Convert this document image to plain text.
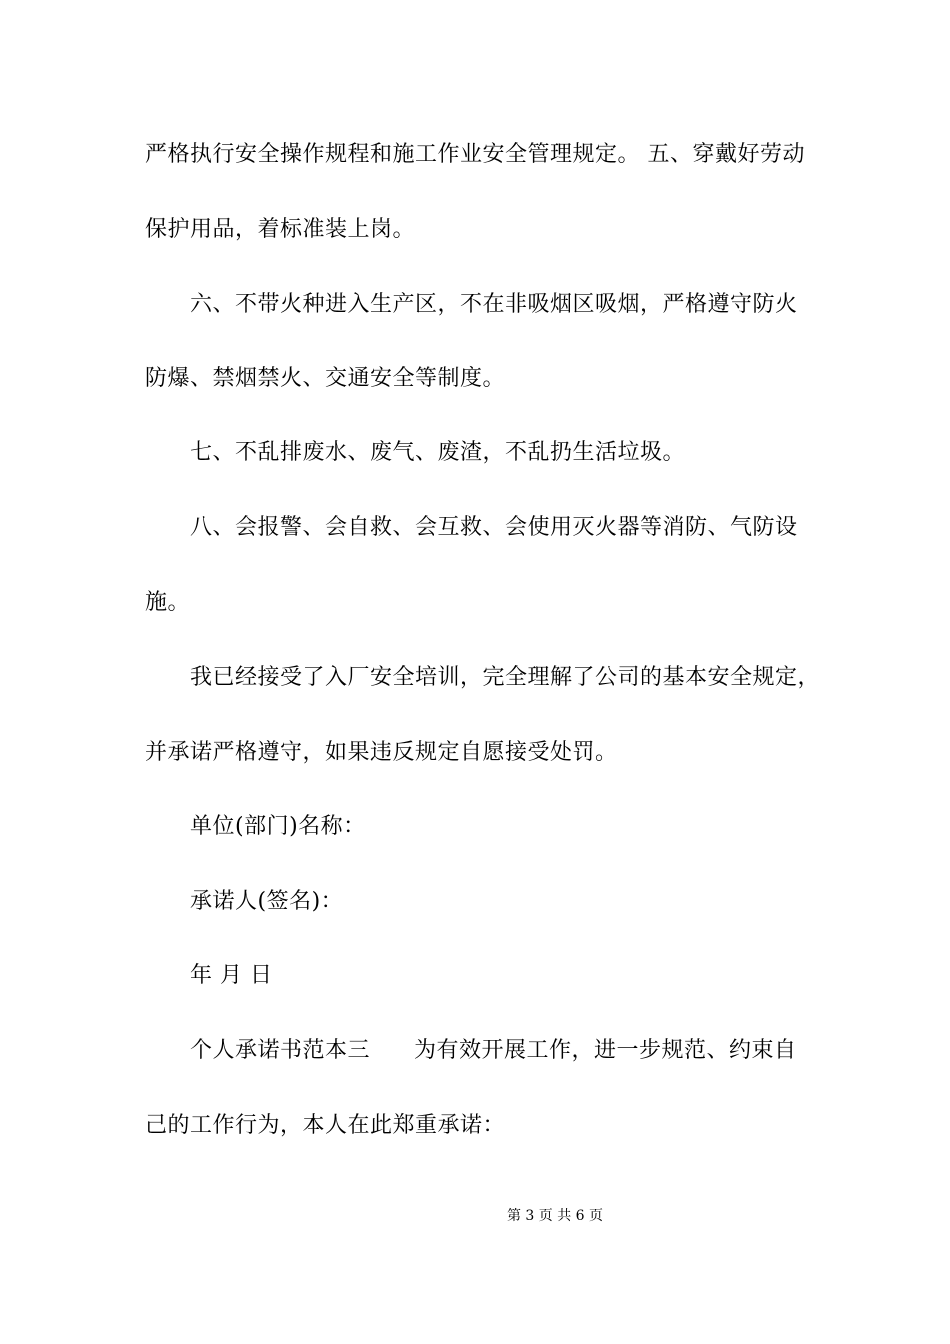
严格执行安全操作规程和施工作业安全管理规定。 五、穿戴好劳动
保护用品，着标准装上岗。
六、不带火种进入生产区，不在非吸烟区吸烟，严格遵守防火
防爆、禁烟禁火、交通安全等制度。
七、不乱排废水、废气、废渣，不乱扔生活垃圾。
八、会报警、会自救、会互救、会使用灭火器等消防、气防设
施。
我已经接受了入厂安全培训，完全理解了公司的基本安全规定，
并承诺严格遵守，如果违反规定自愿接受处罚。
单位(部门)名称：
承诺人(签名)：
年 月 日
个人承诺书范本三 为有效开展工作，进一步规范、约束自
己的工作行为，本人在此郑重承诺：
第 3 页 共 6 页
